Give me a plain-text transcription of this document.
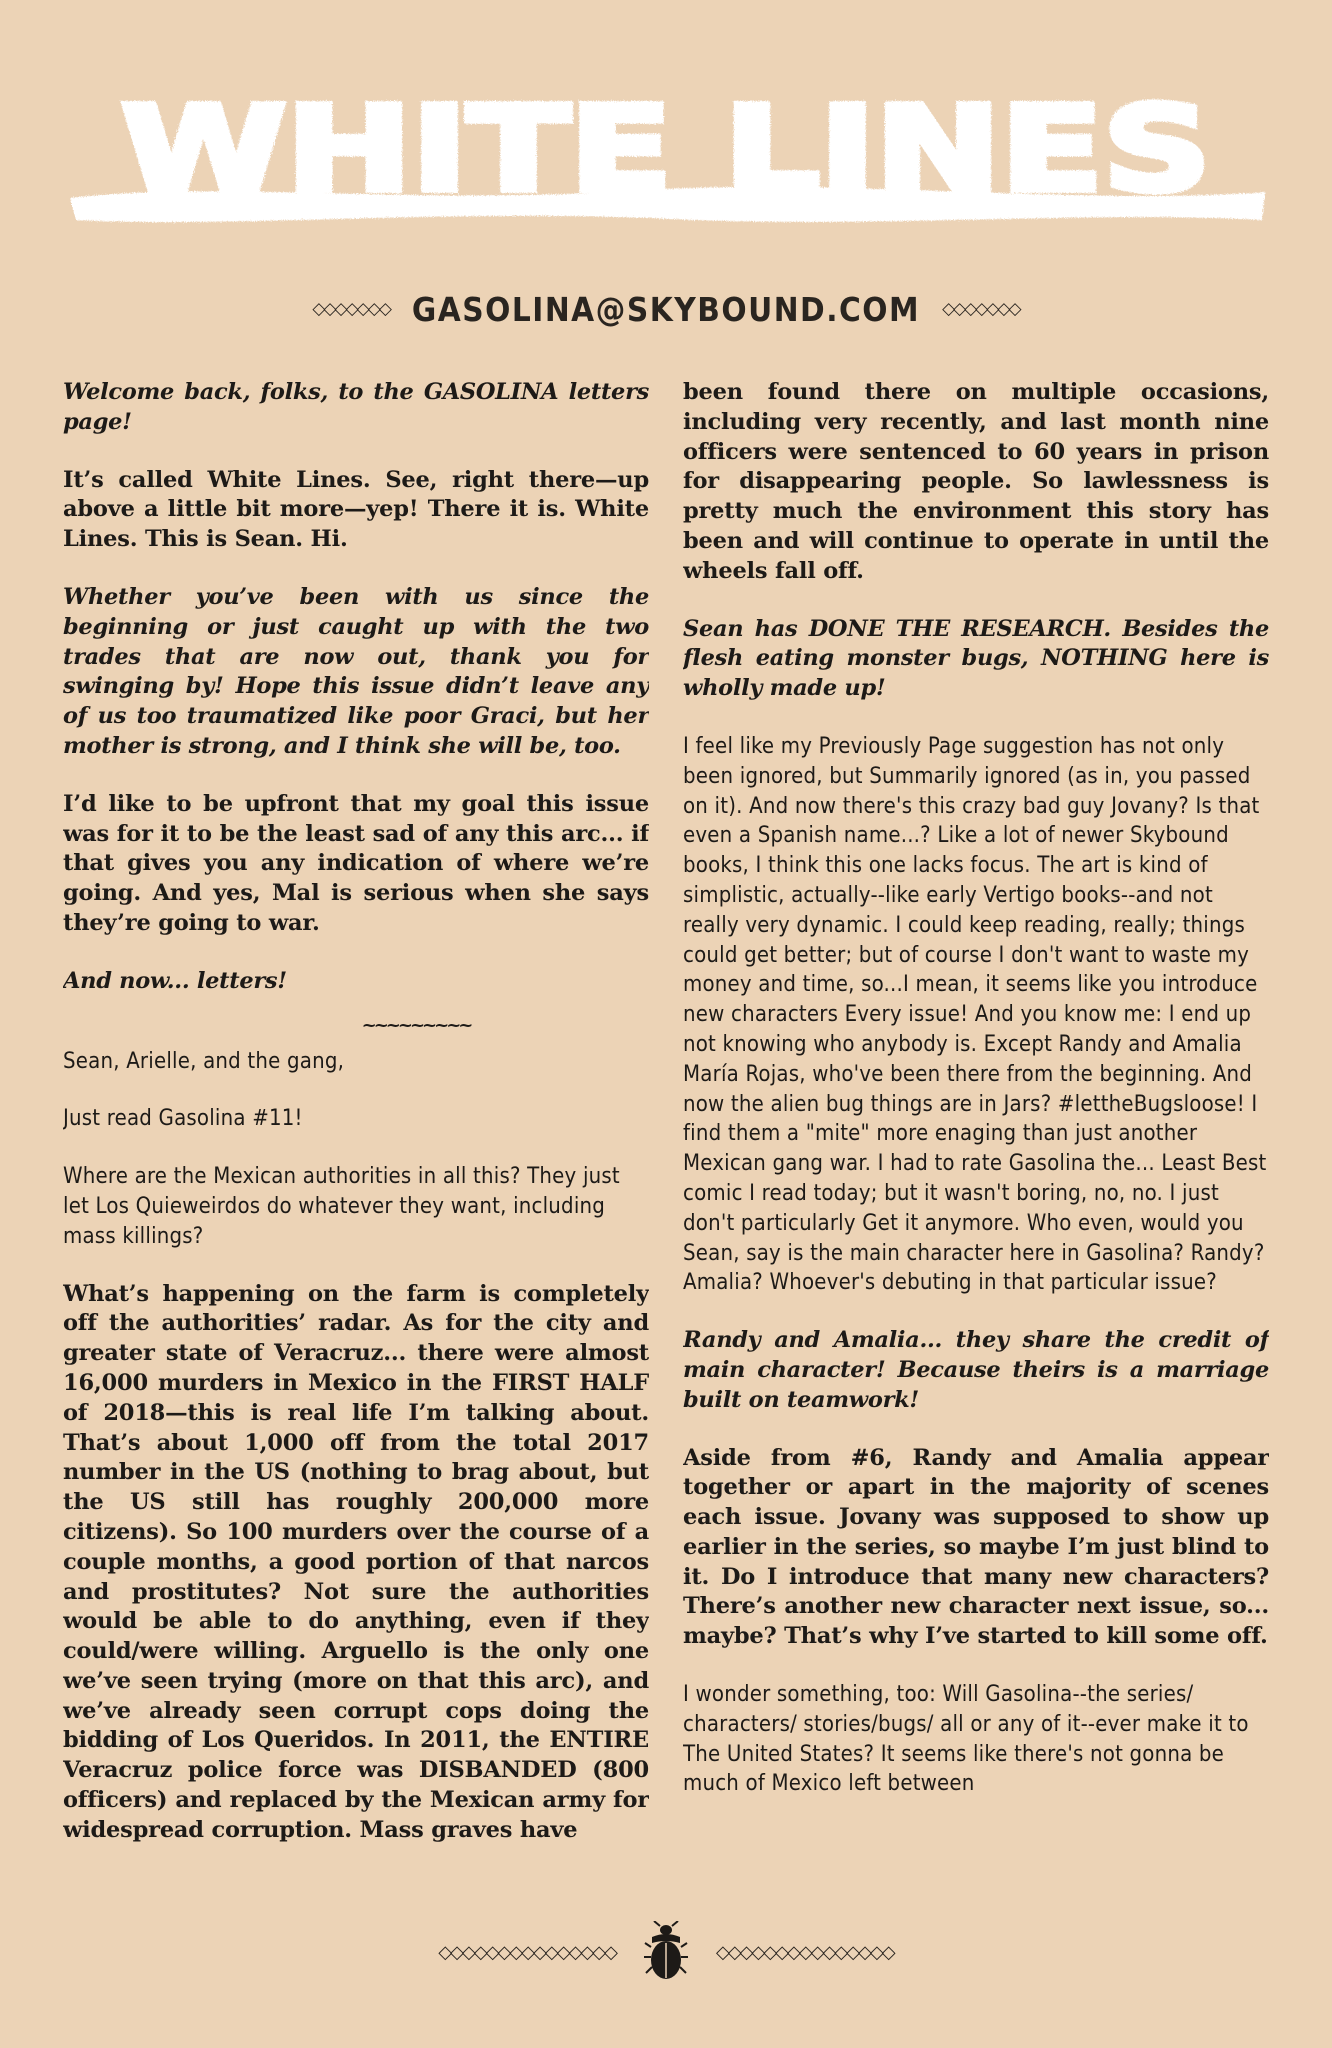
WHITE LINES
◇◇◇◇◇◇◇ GASOLINA@SKYBOUND.COM ◇◇◇◇◇◇◇

Welcome back, folks, to the GASOLINA letters page!

It’s called White Lines. See, right there—up above a little bit more—yep! There it is. White Lines. This is Sean. Hi.

Whether you’ve been with us since the beginning or just caught up with the two trades that are now out, thank you for swinging by! Hope this issue didn’t leave any of us too traumatized like poor Graci, but her mother is strong, and I think she will be, too.

I’d like to be upfront that my goal this issue was for it to be the least sad of any this arc... if that gives you any indication of where we’re going. And yes, Mal is serious when she says they’re going to war.

And now... letters!

~~~~~~~~~

Sean, Arielle, and the gang,

Just read Gasolina #11!

Where are the Mexican authorities in all this? They just let Los Quieweirdos do whatever they want, including mass killings?

What’s happening on the farm is completely off the authorities’ radar. As for the city and greater state of Veracruz... there were almost 16,000 murders in Mexico in the FIRST HALF of 2018—this is real life I’m talking about. That’s about 1,000 off from the total 2017 number in the US (nothing to brag about, but the US still has roughly 200,000 more citizens). So 100 murders over the course of a couple months, a good portion of that narcos and prostitutes? Not sure the authorities would be able to do anything, even if they could/were willing. Arguello is the only one we’ve seen trying (more on that this arc), and we’ve already seen corrupt cops doing the bidding of Los Queridos. In 2011, the ENTIRE Veracruz police force was DISBANDED (800 officers) and replaced by the Mexican army for widespread corruption. Mass graves have

been found there on multiple occasions, including very recently, and last month nine officers were sentenced to 60 years in prison for disappearing people. So lawlessness is pretty much the environment this story has been and will continue to operate in until the wheels fall off.

Sean has DONE THE RESEARCH. Besides the flesh eating monster bugs, NOTHING here is wholly made up!

I feel like my Previously Page suggestion has not only been ignored, but Summarily ignored (as in, you passed on it). And now there's this crazy bad guy Jovany? Is that even a Spanish name...? Like a lot of newer Skybound books, I think this one lacks focus. The art is kind of simplistic, actually--like early Vertigo books--and not really very dynamic. I could keep reading, really; things could get better; but of course I don't want to waste my money and time, so...I mean, it seems like you introduce new characters Every issue! And you know me: I end up not knowing who anybody is. Except Randy and Amalia María Rojas, who've been there from the beginning. And now the alien bug things are in Jars? #lettheBugsloose! I find them a "mite" more enaging than just another Mexican gang war. I had to rate Gasolina the... Least Best comic I read today; but it wasn't boring, no, no. I just don't particularly Get it anymore. Who even, would you Sean, say is the main character here in Gasolina? Randy? Amalia? Whoever's debuting in that particular issue?

Randy and Amalia... they share the credit of main character! Because theirs is a marriage built on teamwork!

Aside from #6, Randy and Amalia appear together or apart in the majority of scenes each issue. Jovany was supposed to show up earlier in the series, so maybe I’m just blind to it. Do I introduce that many new characters? There’s another new character next issue, so... maybe? That’s why I’ve started to kill some off.

I wonder something, too: Will Gasolina--the series/ characters/ stories/bugs/ all or any of it--ever make it to The United States? It seems like there's not gonna be much of Mexico left between

◇◇◇◇◇◇◇◇◇◇◇◇◇◇◇	◇◇◇◇◇◇◇◇◇◇◇◇◇◇◇
